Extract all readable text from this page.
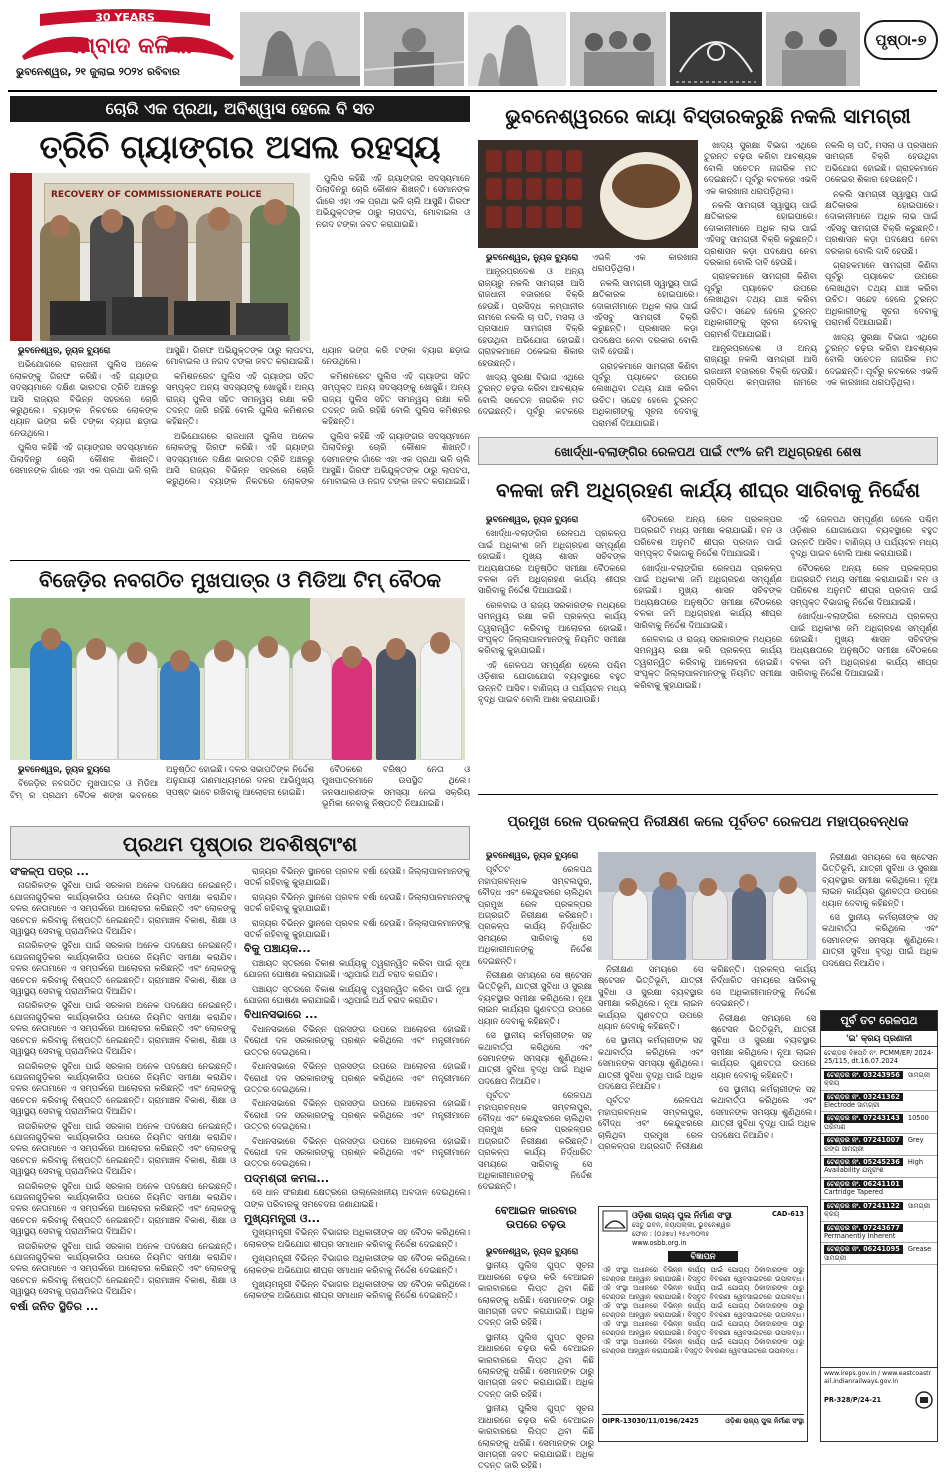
30 YEARS
ସମ୍ବାଦ କଳିକା
ଭୁବନେଶ୍ୱର, ୨୧ ଜୁଲାଇ ୨୦୨୪ ରବିବାର
ପୃଷ୍ଠା-୭
ଚୋରି ଏକ ପ୍ରଥା, ଅବିଶ୍ୱାସ ହେଲେ ବି ସତ
ତ୍ରିଚି ଗ୍ୟାଙ୍ଗର ଅସଲ ରହସ୍ୟ
RECOVERY OF COMMISSIONERATE POLICE

ପୁଲିସ କହିଛି ଏହି ଗ୍ୟାଙ୍ଗର ସଦସ୍ୟମାନେ ପିଲାଦିନରୁ ଚୋରି କୌଶଳ ଶିଖନ୍ତି। ସେମାନଙ୍କ ଗାଁରେ ଏହା ଏକ ପ୍ରଥା ଭଳି ଚାଲି ଆସୁଛି। ଗିରଫ ଅଭିଯୁକ୍ତଙ୍କ ଠାରୁ ଲାପଟପ, ମୋବାଇଲ ଓ ନଗଦ ଟଙ୍କା ଜବତ କରାଯାଇଛି।

ଭୁବନେଶ୍ୱର, ନ୍ୟୁଜ ବ୍ୟୁରୋ

ଅଭିଯୋଗରେ ରାଜଧାନୀ ପୁଲିସ ଅନେକ ଲୋକଙ୍କୁ ଗିରଫ କରିଛି। ଏହି ଗ୍ୟାଙ୍ଗ ସଦସ୍ୟମାନେ ଦକ୍ଷିଣ ଭାରତର ତ୍ରିଚି ଅଞ୍ଚଳରୁ ଆସି ରାଜ୍ୟର ବିଭିନ୍ନ ସହରରେ ଚୋରି କରୁଥିଲେ। ବ୍ୟାଙ୍କ ନିକଟରେ ଲୋକଙ୍କ ଧ୍ୟାନ ଭଙ୍ଗ କରି ଟଙ୍କା ବ୍ୟାଗ ଛଡ଼ାଇ ନେଉଥିଲେ।

ପୁଲିସ କହିଛି ଏହି ଗ୍ୟାଙ୍ଗର ସଦସ୍ୟମାନେ ପିଲାଦିନରୁ ଚୋରି କୌଶଳ ଶିଖନ୍ତି। ସେମାନଙ୍କ ଗାଁରେ ଏହା ଏକ ପ୍ରଥା ଭଳି ଚାଲି ଆସୁଛି। ଗିରଫ ଅଭିଯୁକ୍ତଙ୍କ ଠାରୁ ଲାପଟପ, ମୋବାଇଲ ଓ ନଗଦ ଟଙ୍କା ଜବତ କରାଯାଇଛି।

କମିଶନରେଟ ପୁଲିସ ଏହି ଗ୍ୟାଙ୍ଗ ସହିତ ସମ୍ପୃକ୍ତ ଅନ୍ୟ ସଦସ୍ୟଙ୍କୁ ଖୋଜୁଛି। ଅନ୍ୟ ରାଜ୍ୟ ପୁଲିସ ସହିତ ସମନ୍ୱୟ ରକ୍ଷା କରି ତଦନ୍ତ ଜାରି ରହିଛି ବୋଲି ପୁଲିସ କମିଶନର କହିଛନ୍ତି।

ଅଭିଯୋଗରେ ରାଜଧାନୀ ପୁଲିସ ଅନେକ ଲୋକଙ୍କୁ ଗିରଫ କରିଛି। ଏହି ଗ୍ୟାଙ୍ଗ ସଦସ୍ୟମାନେ ଦକ୍ଷିଣ ଭାରତର ତ୍ରିଚି ଅଞ୍ଚଳରୁ ଆସି ରାଜ୍ୟର ବିଭିନ୍ନ ସହରରେ ଚୋରି କରୁଥିଲେ। ବ୍ୟାଙ୍କ ନିକଟରେ ଲୋକଙ୍କ ଧ୍ୟାନ ଭଙ୍ଗ କରି ଟଙ୍କା ବ୍ୟାଗ ଛଡ଼ାଇ ନେଉଥିଲେ।

କମିଶନରେଟ ପୁଲିସ ଏହି ଗ୍ୟାଙ୍ଗ ସହିତ ସମ୍ପୃକ୍ତ ଅନ୍ୟ ସଦସ୍ୟଙ୍କୁ ଖୋଜୁଛି। ଅନ୍ୟ ରାଜ୍ୟ ପୁଲିସ ସହିତ ସମନ୍ୱୟ ରକ୍ଷା କରି ତଦନ୍ତ ଜାରି ରହିଛି ବୋଲି ପୁଲିସ କମିଶନର କହିଛନ୍ତି।

ପୁଲିସ କହିଛି ଏହି ଗ୍ୟାଙ୍ଗର ସଦସ୍ୟମାନେ ପିଲାଦିନରୁ ଚୋରି କୌଶଳ ଶିଖନ୍ତି। ସେମାନଙ୍କ ଗାଁରେ ଏହା ଏକ ପ୍ରଥା ଭଳି ଚାଲି ଆସୁଛି। ଗିରଫ ଅଭିଯୁକ୍ତଙ୍କ ଠାରୁ ଲାପଟପ, ମୋବାଇଲ ଓ ନଗଦ ଟଙ୍କା ଜବତ କରାଯାଇଛି।

ବିଜେଡ଼ିର ନବଗଠିତ ମୁଖପାତ୍ର ଓ ମିଡିଆ ଟିମ୍ ବୈଠକ

ଭୁବନେଶ୍ୱର, ନ୍ୟୁଜ ବ୍ୟୁରୋ

ବିଜେଡ଼ିର ନବଗଠିତ ମୁଖପାତ୍ର ଓ ମିଡିଆ ଟିମ୍ ର ପ୍ରଥମ ବୈଠକ ଶଙ୍ଖ ଭବନରେ ଅନୁଷ୍ଠିତ ହୋଇଛି। ଦଳର ସଭାପତିଙ୍କ ନିର୍ଦ୍ଦେଶ ଅନୁଯାୟୀ ଗଣମାଧ୍ୟମରେ ଦଳର ଆଭିମୁଖ୍ୟ ସ୍ପଷ୍ଟ ଭାବେ ରଖିବାକୁ ଆଲୋଚନା ହୋଇଛି।

ବୈଠକରେ ବରିଷ୍ଠ ନେତା ଓ ମୁଖପାତ୍ରମାନେ ଉପସ୍ଥିତ ଥିଲେ। ଜନସାଧାରଣଙ୍କ ସମସ୍ୟା ନେଇ ସକ୍ରିୟ ଭୂମିକା ନେବାକୁ ନିଷ୍ପତ୍ତି ନିଆଯାଇଛି।

ପ୍ରଥମ ପୃଷ୍ଠାର ଅବଶିଷ୍ଟାଂଶ

ସଂକଳ୍ପ ପତ୍ର ...

ନାଗରିକଙ୍କ ସୁବିଧା ପାଇଁ ସରକାର ଅନେକ ପଦକ୍ଷେପ ନେଇଛନ୍ତି। ଯୋଜନାଗୁଡ଼ିକର କାର୍ଯ୍ୟକାରିତା ଉପରେ ନିୟମିତ ସମୀକ୍ଷା କରାଯିବ। ଦଳର ନେତାମାନେ ଏ ସମ୍ପର୍କରେ ଆଲୋଚନା କରିଛନ୍ତି ଏବଂ ଲୋକଙ୍କୁ ସଚେତନ କରିବାକୁ ନିଷ୍ପତ୍ତି ନେଇଛନ୍ତି। ଗ୍ରାମାଞ୍ଚଳ ବିକାଶ, ଶିକ୍ଷା ଓ ସ୍ୱାସ୍ଥ୍ୟ ସେବାକୁ ପ୍ରାଥମିକତା ଦିଆଯିବ।

ନାଗରିକଙ୍କ ସୁବିଧା ପାଇଁ ସରକାର ଅନେକ ପଦକ୍ଷେପ ନେଇଛନ୍ତି। ଯୋଜନାଗୁଡ଼ିକର କାର୍ଯ୍ୟକାରିତା ଉପରେ ନିୟମିତ ସମୀକ୍ଷା କରାଯିବ। ଦଳର ନେତାମାନେ ଏ ସମ୍ପର୍କରେ ଆଲୋଚନା କରିଛନ୍ତି ଏବଂ ଲୋକଙ୍କୁ ସଚେତନ କରିବାକୁ ନିଷ୍ପତ୍ତି ନେଇଛନ୍ତି। ଗ୍ରାମାଞ୍ଚଳ ବିକାଶ, ଶିକ୍ଷା ଓ ସ୍ୱାସ୍ଥ୍ୟ ସେବାକୁ ପ୍ରାଥମିକତା ଦିଆଯିବ।

ନାଗରିକଙ୍କ ସୁବିଧା ପାଇଁ ସରକାର ଅନେକ ପଦକ୍ଷେପ ନେଇଛନ୍ତି। ଯୋଜନାଗୁଡ଼ିକର କାର୍ଯ୍ୟକାରିତା ଉପରେ ନିୟମିତ ସମୀକ୍ଷା କରାଯିବ। ଦଳର ନେତାମାନେ ଏ ସମ୍ପର୍କରେ ଆଲୋଚନା କରିଛନ୍ତି ଏବଂ ଲୋକଙ୍କୁ ସଚେତନ କରିବାକୁ ନିଷ୍ପତ୍ତି ନେଇଛନ୍ତି। ଗ୍ରାମାଞ୍ଚଳ ବିକାଶ, ଶିକ୍ଷା ଓ ସ୍ୱାସ୍ଥ୍ୟ ସେବାକୁ ପ୍ରାଥମିକତା ଦିଆଯିବ।

ନାଗରିକଙ୍କ ସୁବିଧା ପାଇଁ ସରକାର ଅନେକ ପଦକ୍ଷେପ ନେଇଛନ୍ତି। ଯୋଜନାଗୁଡ଼ିକର କାର୍ଯ୍ୟକାରିତା ଉପରେ ନିୟମିତ ସମୀକ୍ଷା କରାଯିବ। ଦଳର ନେତାମାନେ ଏ ସମ୍ପର୍କରେ ଆଲୋଚନା କରିଛନ୍ତି ଏବଂ ଲୋକଙ୍କୁ ସଚେତନ କରିବାକୁ ନିଷ୍ପତ୍ତି ନେଇଛନ୍ତି। ଗ୍ରାମାଞ୍ଚଳ ବିକାଶ, ଶିକ୍ଷା ଓ ସ୍ୱାସ୍ଥ୍ୟ ସେବାକୁ ପ୍ରାଥମିକତା ଦିଆଯିବ।

ନାଗରିକଙ୍କ ସୁବିଧା ପାଇଁ ସରକାର ଅନେକ ପଦକ୍ଷେପ ନେଇଛନ୍ତି। ଯୋଜନାଗୁଡ଼ିକର କାର୍ଯ୍ୟକାରିତା ଉପରେ ନିୟମିତ ସମୀକ୍ଷା କରାଯିବ। ଦଳର ନେତାମାନେ ଏ ସମ୍ପର୍କରେ ଆଲୋଚନା କରିଛନ୍ତି ଏବଂ ଲୋକଙ୍କୁ ସଚେତନ କରିବାକୁ ନିଷ୍ପତ୍ତି ନେଇଛନ୍ତି। ଗ୍ରାମାଞ୍ଚଳ ବିକାଶ, ଶିକ୍ଷା ଓ ସ୍ୱାସ୍ଥ୍ୟ ସେବାକୁ ପ୍ରାଥମିକତା ଦିଆଯିବ।

ନାଗରିକଙ୍କ ସୁବିଧା ପାଇଁ ସରକାର ଅନେକ ପଦକ୍ଷେପ ନେଇଛନ୍ତି। ଯୋଜନାଗୁଡ଼ିକର କାର୍ଯ୍ୟକାରିତା ଉପରେ ନିୟମିତ ସମୀକ୍ଷା କରାଯିବ। ଦଳର ନେତାମାନେ ଏ ସମ୍ପର୍କରେ ଆଲୋଚନା କରିଛନ୍ତି ଏବଂ ଲୋକଙ୍କୁ ସଚେତନ କରିବାକୁ ନିଷ୍ପତ୍ତି ନେଇଛନ୍ତି। ଗ୍ରାମାଞ୍ଚଳ ବିକାଶ, ଶିକ୍ଷା ଓ ସ୍ୱାସ୍ଥ୍ୟ ସେବାକୁ ପ୍ରାଥମିକତା ଦିଆଯିବ।

ନାଗରିକଙ୍କ ସୁବିଧା ପାଇଁ ସରକାର ଅନେକ ପଦକ୍ଷେପ ନେଇଛନ୍ତି। ଯୋଜନାଗୁଡ଼ିକର କାର୍ଯ୍ୟକାରିତା ଉପରେ ନିୟମିତ ସମୀକ୍ଷା କରାଯିବ। ଦଳର ନେତାମାନେ ଏ ସମ୍ପର୍କରେ ଆଲୋଚନା କରିଛନ୍ତି ଏବଂ ଲୋକଙ୍କୁ ସଚେତନ କରିବାକୁ ନିଷ୍ପତ୍ତି ନେଇଛନ୍ତି। ଗ୍ରାମାଞ୍ଚଳ ବିକାଶ, ଶିକ୍ଷା ଓ ସ୍ୱାସ୍ଥ୍ୟ ସେବାକୁ ପ୍ରାଥମିକତା ଦିଆଯିବ।

ବର୍ଷା ଜନିତ ସ୍ଥିତିର ...

ରାଜ୍ୟର ବିଭିନ୍ନ ସ୍ଥାନରେ ପ୍ରବଳ ବର୍ଷା ହେଉଛି। ଜିଲ୍ଲାପାଳମାନଙ୍କୁ ସତର୍କ ରହିବାକୁ କୁହାଯାଇଛି।

ରାଜ୍ୟର ବିଭିନ୍ନ ସ୍ଥାନରେ ପ୍ରବଳ ବର୍ଷା ହେଉଛି। ଜିଲ୍ଲାପାଳମାନଙ୍କୁ ସତର୍କ ରହିବାକୁ କୁହାଯାଇଛି।

ରାଜ୍ୟର ବିଭିନ୍ନ ସ୍ଥାନରେ ପ୍ରବଳ ବର୍ଷା ହେଉଛି। ଜିଲ୍ଲାପାଳମାନଙ୍କୁ ସତର୍କ ରହିବାକୁ କୁହାଯାଇଛି।

ବିକୁ ପଞ୍ଚାୟକ...

ପଞ୍ଚାୟତ ସ୍ତରରେ ବିକାଶ କାର୍ଯ୍ୟକୁ ତ୍ୱରାନ୍ୱିତ କରିବା ପାଇଁ ନୂଆ ଯୋଜନା ଘୋଷଣା କରାଯାଇଛି। ଏଥିପାଇଁ ଅର୍ଥ ବରାଦ କରାଯିବ।

ପଞ୍ଚାୟତ ସ୍ତରରେ ବିକାଶ କାର୍ଯ୍ୟକୁ ତ୍ୱରାନ୍ୱିତ କରିବା ପାଇଁ ନୂଆ ଯୋଜନା ଘୋଷଣା କରାଯାଇଛି। ଏଥିପାଇଁ ଅର୍ଥ ବରାଦ କରାଯିବ।

ବିଧାନସଭାରେ ...

ବିଧାନସଭାରେ ବିଭିନ୍ନ ପ୍ରସଙ୍ଗ ଉପରେ ଆଲୋଚନା ହୋଇଛି। ବିରୋଧୀ ଦଳ ସରକାରଙ୍କୁ ପ୍ରଶ୍ନ କରିଥିଲେ ଏବଂ ମନ୍ତ୍ରୀମାନେ ଉତ୍ତର ଦେଇଥିଲେ।

ବିଧାନସଭାରେ ବିଭିନ୍ନ ପ୍ରସଙ୍ଗ ଉପରେ ଆଲୋଚନା ହୋଇଛି। ବିରୋଧୀ ଦଳ ସରକାରଙ୍କୁ ପ୍ରଶ୍ନ କରିଥିଲେ ଏବଂ ମନ୍ତ୍ରୀମାନେ ଉତ୍ତର ଦେଇଥିଲେ।

ବିଧାନସଭାରେ ବିଭିନ୍ନ ପ୍ରସଙ୍ଗ ଉପରେ ଆଲୋଚନା ହୋଇଛି। ବିରୋଧୀ ଦଳ ସରକାରଙ୍କୁ ପ୍ରଶ୍ନ କରିଥିଲେ ଏବଂ ମନ୍ତ୍ରୀମାନେ ଉତ୍ତର ଦେଇଥିଲେ।

ବିଧାନସଭାରେ ବିଭିନ୍ନ ପ୍ରସଙ୍ଗ ଉପରେ ଆଲୋଚନା ହୋଇଛି। ବିରୋଧୀ ଦଳ ସରକାରଙ୍କୁ ପ୍ରଶ୍ନ କରିଥିଲେ ଏବଂ ମନ୍ତ୍ରୀମାନେ ଉତ୍ତର ଦେଇଥିଲେ।

ପଦ୍ମଶ୍ରୀ କମଳା...

ସେ ଧାନ ସଂରକ୍ଷଣ କ୍ଷେତ୍ରରେ ଉଲ୍ଲେଖନୀୟ ଅବଦାନ ଦେଇଥିଲେ। ତାଙ୍କ ପରିବାରକୁ ସମବେଦନା ଜଣାଯାଇଛି।

ମୁଖ୍ୟମନ୍ତ୍ରୀ ଓ...

ମୁଖ୍ୟମନ୍ତ୍ରୀ ବିଭିନ୍ନ ବିଭାଗର ଅଧିକାରୀଙ୍କ ସହ ବୈଠକ କରିଥିଲେ। ଲୋକଙ୍କ ଅଭିଯୋଗ ଶୀଘ୍ର ସମାଧାନ କରିବାକୁ ନିର୍ଦ୍ଦେଶ ଦେଇଛନ୍ତି।

ମୁଖ୍ୟମନ୍ତ୍ରୀ ବିଭିନ୍ନ ବିଭାଗର ଅଧିକାରୀଙ୍କ ସହ ବୈଠକ କରିଥିଲେ। ଲୋକଙ୍କ ଅଭିଯୋଗ ଶୀଘ୍ର ସମାଧାନ କରିବାକୁ ନିର୍ଦ୍ଦେଶ ଦେଇଛନ୍ତି।

ମୁଖ୍ୟମନ୍ତ୍ରୀ ବିଭିନ୍ନ ବିଭାଗର ଅଧିକାରୀଙ୍କ ସହ ବୈଠକ କରିଥିଲେ। ଲୋକଙ୍କ ଅଭିଯୋଗ ଶୀଘ୍ର ସମାଧାନ କରିବାକୁ ନିର୍ଦ୍ଦେଶ ଦେଇଛନ୍ତି।

ଭୁବନେଶ୍ୱରରେ କାୟା ବିସ୍ତାରକରୁଛି ନକଲି ସାମଗ୍ରୀ

ଭୁବନେଶ୍ୱର, ନ୍ୟୁଜ ବ୍ୟୁରୋ

ଆନ୍ଧ୍ରପ୍ରଦେଶ ଓ ଅନ୍ୟ ରାଜ୍ୟରୁ ନକଲି ସାମଗ୍ରୀ ଆସି ରାଜଧାନୀ ବଜାରରେ ବିକ୍ରି ହେଉଛି। ପ୍ରସିଦ୍ଧ କମ୍ପାନୀର ନାମରେ ନକଲି ଚା ପତି, ମସଲା ଓ ପ୍ରସାଧନ ସାମଗ୍ରୀ ବିକ୍ରି ହେଉଥିବା ଅଭିଯୋଗ ହୋଇଛି। ଗ୍ରାହକମାନେ ଠକେଇର ଶିକାର ହେଉଛନ୍ତି।

ଖାଦ୍ୟ ସୁରକ୍ଷା ବିଭାଗ ଏଥିରେ ତୁରନ୍ତ ଚଢ଼ଉ କରିବା ଆବଶ୍ୟକ ବୋଲି ସଚେତନ ନାଗରିକ ମତ ଦେଇଛନ୍ତି। ପୂର୍ବରୁ କଟକରେ ଏଭଳି ଏକ କାରଖାନା ଧରାପଡ଼ିଥିଲା।

ନକଲି ସାମଗ୍ରୀ ସ୍ୱାସ୍ଥ୍ୟ ପାଇଁ କ୍ଷତିକାରକ ହୋଇପାରେ। ଦୋକାନୀମାନେ ଅଧିକ ଲାଭ ପାଇଁ ଏହିସବୁ ସାମଗ୍ରୀ ବିକ୍ରି କରୁଛନ୍ତି। ପ୍ରଶାସନ କଡ଼ା ପଦକ୍ଷେପ ନେବା ଦରକାର ବୋଲି ଦାବି ହେଉଛି।

ଗ୍ରାହକମାନେ ସାମଗ୍ରୀ କିଣିବା ପୂର୍ବରୁ ପ୍ୟାକେଟ ଉପରେ ଲେଖାଥିବା ତଥ୍ୟ ଯାଞ୍ଚ କରିବା ଉଚିତ। ସନ୍ଦେହ ହେଲେ ତୁରନ୍ତ ଅଧିକାରୀଙ୍କୁ ସୂଚନା ଦେବାକୁ ପରାମର୍ଶ ଦିଆଯାଇଛି।

ଖାଦ୍ୟ ସୁରକ୍ଷା ବିଭାଗ ଏଥିରେ ତୁରନ୍ତ ଚଢ଼ଉ କରିବା ଆବଶ୍ୟକ ବୋଲି ସଚେତନ ନାଗରିକ ମତ ଦେଇଛନ୍ତି। ପୂର୍ବରୁ କଟକରେ ଏଭଳି ଏକ କାରଖାନା ଧରାପଡ଼ିଥିଲା।

ନକଲି ସାମଗ୍ରୀ ସ୍ୱାସ୍ଥ୍ୟ ପାଇଁ କ୍ଷତିକାରକ ହୋଇପାରେ। ଦୋକାନୀମାନେ ଅଧିକ ଲାଭ ପାଇଁ ଏହିସବୁ ସାମଗ୍ରୀ ବିକ୍ରି କରୁଛନ୍ତି। ପ୍ରଶାସନ କଡ଼ା ପଦକ୍ଷେପ ନେବା ଦରକାର ବୋଲି ଦାବି ହେଉଛି।

ଗ୍ରାହକମାନେ ସାମଗ୍ରୀ କିଣିବା ପୂର୍ବରୁ ପ୍ୟାକେଟ ଉପରେ ଲେଖାଥିବା ତଥ୍ୟ ଯାଞ୍ଚ କରିବା ଉଚିତ। ସନ୍ଦେହ ହେଲେ ତୁରନ୍ତ ଅଧିକାରୀଙ୍କୁ ସୂଚନା ଦେବାକୁ ପରାମର୍ଶ ଦିଆଯାଇଛି।

ଆନ୍ଧ୍ରପ୍ରଦେଶ ଓ ଅନ୍ୟ ରାଜ୍ୟରୁ ନକଲି ସାମଗ୍ରୀ ଆସି ରାଜଧାନୀ ବଜାରରେ ବିକ୍ରି ହେଉଛି। ପ୍ରସିଦ୍ଧ କମ୍ପାନୀର ନାମରେ ନକଲି ଚା ପତି, ମସଲା ଓ ପ୍ରସାଧନ ସାମଗ୍ରୀ ବିକ୍ରି ହେଉଥିବା ଅଭିଯୋଗ ହୋଇଛି। ଗ୍ରାହକମାନେ ଠକେଇର ଶିକାର ହେଉଛନ୍ତି।

ନକଲି ସାମଗ୍ରୀ ସ୍ୱାସ୍ଥ୍ୟ ପାଇଁ କ୍ଷତିକାରକ ହୋଇପାରେ। ଦୋକାନୀମାନେ ଅଧିକ ଲାଭ ପାଇଁ ଏହିସବୁ ସାମଗ୍ରୀ ବିକ୍ରି କରୁଛନ୍ତି। ପ୍ରଶାସନ କଡ଼ା ପଦକ୍ଷେପ ନେବା ଦରକାର ବୋଲି ଦାବି ହେଉଛି।

ଗ୍ରାହକମାନେ ସାମଗ୍ରୀ କିଣିବା ପୂର୍ବରୁ ପ୍ୟାକେଟ ଉପରେ ଲେଖାଥିବା ତଥ୍ୟ ଯାଞ୍ଚ କରିବା ଉଚିତ। ସନ୍ଦେହ ହେଲେ ତୁରନ୍ତ ଅଧିକାରୀଙ୍କୁ ସୂଚନା ଦେବାକୁ ପରାମର୍ଶ ଦିଆଯାଇଛି।

ଖାଦ୍ୟ ସୁରକ୍ଷା ବିଭାଗ ଏଥିରେ ତୁରନ୍ତ ଚଢ଼ଉ କରିବା ଆବଶ୍ୟକ ବୋଲି ସଚେତନ ନାଗରିକ ମତ ଦେଇଛନ୍ତି। ପୂର୍ବରୁ କଟକରେ ଏଭଳି ଏକ କାରଖାନା ଧରାପଡ଼ିଥିଲା।

ଖୋର୍ଦ୍ଧା-ବଲାଙ୍ଗିର ରେଳପଥ ପାଇଁ ୯୯% ଜମି ଅଧିଗ୍ରହଣ ଶେଷ
ବଳକା ଜମି ଅଧିଗ୍ରହଣ କାର୍ଯ୍ୟ ଶୀଘ୍ର ସାରିବାକୁ ନିର୍ଦ୍ଦେଶ

ଭୁବନେଶ୍ୱର, ନ୍ୟୁଜ ବ୍ୟୁରୋ

ଖୋର୍ଦ୍ଧା-ବଲାଙ୍ଗିର ରେଳପଥ ପ୍ରକଳ୍ପ ପାଇଁ ଅଧିକାଂଶ ଜମି ଅଧିଗ୍ରହଣ ସମ୍ପୂର୍ଣ୍ଣ ହୋଇଛି। ମୁଖ୍ୟ ଶାସନ ସଚିବଙ୍କ ଅଧ୍ୟକ୍ଷତାରେ ଅନୁଷ୍ଠିତ ସମୀକ୍ଷା ବୈଠକରେ ବଳକା ଜମି ଅଧିଗ୍ରହଣ କାର୍ଯ୍ୟ ଶୀଘ୍ର ସାରିବାକୁ ନିର୍ଦ୍ଦେଶ ଦିଆଯାଇଛି।

ରେଳବାଇ ଓ ରାଜ୍ୟ ସରକାରଙ୍କ ମଧ୍ୟରେ ସମନ୍ୱୟ ରକ୍ଷା କରି ପ୍ରକଳ୍ପ କାର୍ଯ୍ୟ ତ୍ୱରାନ୍ୱିତ କରିବାକୁ ଆଲୋଚନା ହୋଇଛି। ସଂପୃକ୍ତ ଜିଲ୍ଲାପାଳମାନଙ୍କୁ ନିୟମିତ ସମୀକ୍ଷା କରିବାକୁ କୁହାଯାଇଛି।

ଏହି ରେଳପଥ ସମ୍ପୂର୍ଣ୍ଣ ହେଲେ ପଶ୍ଚିମ ଓଡ଼ିଶାର ଯୋଗାଯୋଗ ବ୍ୟବସ୍ଥାରେ ବହୁତ ଉନ୍ନତି ଆସିବ। ବାଣିଜ୍ୟ ଓ ପର୍ଯ୍ୟଟନ ମଧ୍ୟ ବୃଦ୍ଧି ପାଇବ ବୋଲି ଆଶା କରାଯାଉଛି।

ବୈଠକରେ ଅନ୍ୟ ରେଳ ପ୍ରକଳ୍ପର ଅଗ୍ରଗତି ମଧ୍ୟ ସମୀକ୍ଷା କରାଯାଇଛି। ବନ ଓ ପରିବେଶ ଅନୁମତି ଶୀଘ୍ର ପ୍ରଦାନ ପାଇଁ ସମ୍ପୃକ୍ତ ବିଭାଗକୁ ନିର୍ଦ୍ଦେଶ ଦିଆଯାଇଛି।

ଖୋର୍ଦ୍ଧା-ବଲାଙ୍ଗିର ରେଳପଥ ପ୍ରକଳ୍ପ ପାଇଁ ଅଧିକାଂଶ ଜମି ଅଧିଗ୍ରହଣ ସମ୍ପୂର୍ଣ୍ଣ ହୋଇଛି। ମୁଖ୍ୟ ଶାସନ ସଚିବଙ୍କ ଅଧ୍ୟକ୍ଷତାରେ ଅନୁଷ୍ଠିତ ସମୀକ୍ଷା ବୈଠକରେ ବଳକା ଜମି ଅଧିଗ୍ରହଣ କାର୍ଯ୍ୟ ଶୀଘ୍ର ସାରିବାକୁ ନିର୍ଦ୍ଦେଶ ଦିଆଯାଇଛି।

ରେଳବାଇ ଓ ରାଜ୍ୟ ସରକାରଙ୍କ ମଧ୍ୟରେ ସମନ୍ୱୟ ରକ୍ଷା କରି ପ୍ରକଳ୍ପ କାର୍ଯ୍ୟ ତ୍ୱରାନ୍ୱିତ କରିବାକୁ ଆଲୋଚନା ହୋଇଛି। ସଂପୃକ୍ତ ଜିଲ୍ଲାପାଳମାନଙ୍କୁ ନିୟମିତ ସମୀକ୍ଷା କରିବାକୁ କୁହାଯାଇଛି।

ଏହି ରେଳପଥ ସମ୍ପୂର୍ଣ୍ଣ ହେଲେ ପଶ୍ଚିମ ଓଡ଼ିଶାର ଯୋଗାଯୋଗ ବ୍ୟବସ୍ଥାରେ ବହୁତ ଉନ୍ନତି ଆସିବ। ବାଣିଜ୍ୟ ଓ ପର୍ଯ୍ୟଟନ ମଧ୍ୟ ବୃଦ୍ଧି ପାଇବ ବୋଲି ଆଶା କରାଯାଉଛି।

ବୈଠକରେ ଅନ୍ୟ ରେଳ ପ୍ରକଳ୍ପର ଅଗ୍ରଗତି ମଧ୍ୟ ସମୀକ୍ଷା କରାଯାଇଛି। ବନ ଓ ପରିବେଶ ଅନୁମତି ଶୀଘ୍ର ପ୍ରଦାନ ପାଇଁ ସମ୍ପୃକ୍ତ ବିଭାଗକୁ ନିର୍ଦ୍ଦେଶ ଦିଆଯାଇଛି।

ଖୋର୍ଦ୍ଧା-ବଲାଙ୍ଗିର ରେଳପଥ ପ୍ରକଳ୍ପ ପାଇଁ ଅଧିକାଂଶ ଜମି ଅଧିଗ୍ରହଣ ସମ୍ପୂର୍ଣ୍ଣ ହୋଇଛି। ମୁଖ୍ୟ ଶାସନ ସଚିବଙ୍କ ଅଧ୍ୟକ୍ଷତାରେ ଅନୁଷ୍ଠିତ ସମୀକ୍ଷା ବୈଠକରେ ବଳକା ଜମି ଅଧିଗ୍ରହଣ କାର୍ଯ୍ୟ ଶୀଘ୍ର ସାରିବାକୁ ନିର୍ଦ୍ଦେଶ ଦିଆଯାଇଛି।

ପ୍ରମୁଖ ରେଳ ପ୍ରକଳ୍ପ ନିରୀକ୍ଷଣ କଲେ ପୂର୍ବତଟ ରେଳପଥ ମହାପ୍ରବନ୍ଧକ

ଭୁବନେଶ୍ୱର, ନ୍ୟୁଜ ବ୍ୟୁରୋ

ପୂର୍ବତଟ ରେଳପଥ ମହାପ୍ରବନ୍ଧକ ସମ୍ବଲପୁର, ବୌଦ୍ଧ ଏବଂ କେନ୍ଦୁଝରରେ ଚାଲିଥିବା ପ୍ରମୁଖ ରେଳ ପ୍ରକଳ୍ପର ଅଗ୍ରଗତି ନିରୀକ୍ଷଣ କରିଛନ୍ତି। ପ୍ରକଳ୍ପ କାର୍ଯ୍ୟ ନିର୍ଦ୍ଧାରିତ ସମୟରେ ସାରିବାକୁ ସେ ଅଧିକାରୀମାନଙ୍କୁ ନିର୍ଦ୍ଦେଶ ଦେଇଛନ୍ତି।

ନିରୀକ୍ଷଣ ସମୟରେ ସେ ଷ୍ଟେସନ ଭିତ୍ତିଭୂମି, ଯାତ୍ରୀ ସୁବିଧା ଓ ସୁରକ୍ଷା ବ୍ୟବସ୍ଥାର ସମୀକ୍ଷା କରିଥିଲେ। ନୂଆ ଲାଇନ କାର୍ଯ୍ୟର ଗୁଣବତ୍ତା ଉପରେ ଧ୍ୟାନ ଦେବାକୁ କହିଛନ୍ତି।

ସେ ସ୍ଥାନୀୟ କର୍ମଚାରୀଙ୍କ ସହ କଥାବାର୍ତ୍ତା କରିଥିଲେ ଏବଂ ସେମାନଙ୍କ ସମସ୍ୟା ଶୁଣିଥିଲେ। ଯାତ୍ରୀ ସୁବିଧା ବୃଦ୍ଧି ପାଇଁ ଅଧିକ ପଦକ୍ଷେପ ନିଆଯିବ।

ପୂର୍ବତଟ ରେଳପଥ ମହାପ୍ରବନ୍ଧକ ସମ୍ବଲପୁର, ବୌଦ୍ଧ ଏବଂ କେନ୍ଦୁଝରରେ ଚାଲିଥିବା ପ୍ରମୁଖ ରେଳ ପ୍ରକଳ୍ପର ଅଗ୍ରଗତି ନିରୀକ୍ଷଣ କରିଛନ୍ତି। ପ୍ରକଳ୍ପ କାର୍ଯ୍ୟ ନିର୍ଦ୍ଧାରିତ ସମୟରେ ସାରିବାକୁ ସେ ଅଧିକାରୀମାନଙ୍କୁ ନିର୍ଦ୍ଦେଶ ଦେଇଛନ୍ତି।

ନିରୀକ୍ଷଣ ସମୟରେ ସେ ଷ୍ଟେସନ ଭିତ୍ତିଭୂମି, ଯାତ୍ରୀ ସୁବିଧା ଓ ସୁରକ୍ଷା ବ୍ୟବସ୍ଥାର ସମୀକ୍ଷା କରିଥିଲେ। ନୂଆ ଲାଇନ କାର୍ଯ୍ୟର ଗୁଣବତ୍ତା ଉପରେ ଧ୍ୟାନ ଦେବାକୁ କହିଛନ୍ତି।

ସେ ସ୍ଥାନୀୟ କର୍ମଚାରୀଙ୍କ ସହ କଥାବାର୍ତ୍ତା କରିଥିଲେ ଏବଂ ସେମାନଙ୍କ ସମସ୍ୟା ଶୁଣିଥିଲେ। ଯାତ୍ରୀ ସୁବିଧା ବୃଦ୍ଧି ପାଇଁ ଅଧିକ ପଦକ୍ଷେପ ନିଆଯିବ।

ନିରୀକ୍ଷଣ ସମୟରେ ସେ ଷ୍ଟେସନ ଭିତ୍ତିଭୂମି, ଯାତ୍ରୀ ସୁବିଧା ଓ ସୁରକ୍ଷା ବ୍ୟବସ୍ଥାର ସମୀକ୍ଷା କରିଥିଲେ। ନୂଆ ଲାଇନ କାର୍ଯ୍ୟର ଗୁଣବତ୍ତା ଉପରେ ଧ୍ୟାନ ଦେବାକୁ କହିଛନ୍ତି।

ସେ ସ୍ଥାନୀୟ କର୍ମଚାରୀଙ୍କ ସହ କଥାବାର୍ତ୍ତା କରିଥିଲେ ଏବଂ ସେମାନଙ୍କ ସମସ୍ୟା ଶୁଣିଥିଲେ। ଯାତ୍ରୀ ସୁବିଧା ବୃଦ୍ଧି ପାଇଁ ଅଧିକ ପଦକ୍ଷେପ ନିଆଯିବ।

ପୂର୍ବତଟ ରେଳପଥ ମହାପ୍ରବନ୍ଧକ ସମ୍ବଲପୁର, ବୌଦ୍ଧ ଏବଂ କେନ୍ଦୁଝରରେ ଚାଲିଥିବା ପ୍ରମୁଖ ରେଳ ପ୍ରକଳ୍ପର ଅଗ୍ରଗତି ନିରୀକ୍ଷଣ କରିଛନ୍ତି। ପ୍ରକଳ୍ପ କାର୍ଯ୍ୟ ନିର୍ଦ୍ଧାରିତ ସମୟରେ ସାରିବାକୁ ସେ ଅଧିକାରୀମାନଙ୍କୁ ନିର୍ଦ୍ଦେଶ ଦେଇଛନ୍ତି।

ନିରୀକ୍ଷଣ ସମୟରେ ସେ ଷ୍ଟେସନ ଭିତ୍ତିଭୂମି, ଯାତ୍ରୀ ସୁବିଧା ଓ ସୁରକ୍ଷା ବ୍ୟବସ୍ଥାର ସମୀକ୍ଷା କରିଥିଲେ। ନୂଆ ଲାଇନ କାର୍ଯ୍ୟର ଗୁଣବତ୍ତା ଉପରେ ଧ୍ୟାନ ଦେବାକୁ କହିଛନ୍ତି।

ସେ ସ୍ଥାନୀୟ କର୍ମଚାରୀଙ୍କ ସହ କଥାବାର୍ତ୍ତା କରିଥିଲେ ଏବଂ ସେମାନଙ୍କ ସମସ୍ୟା ଶୁଣିଥିଲେ। ଯାତ୍ରୀ ସୁବିଧା ବୃଦ୍ଧି ପାଇଁ ଅଧିକ ପଦକ୍ଷେପ ନିଆଯିବ।

ବେଆଇନ କାରବାର ଉପରେ ଚଢ଼ଉ

ଭୁବନେଶ୍ୱର, ନ୍ୟୁଜ ବ୍ୟୁରୋ

ସ୍ଥାନୀୟ ପୁଲିସ ଗୁପ୍ତ ସୂଚନା ଆଧାରରେ ଚଢ଼ଉ କରି ବେଆଇନ କାରବାରରେ ଲିପ୍ତ ଥିବା କିଛି ଲୋକଙ୍କୁ ଧରିଛି। ସେମାନଙ୍କ ଠାରୁ ସାମଗ୍ରୀ ଜବତ କରାଯାଇଛି। ଅଧିକ ତଦନ୍ତ ଜାରି ରହିଛି।

ସ୍ଥାନୀୟ ପୁଲିସ ଗୁପ୍ତ ସୂଚନା ଆଧାରରେ ଚଢ଼ଉ କରି ବେଆଇନ କାରବାରରେ ଲିପ୍ତ ଥିବା କିଛି ଲୋକଙ୍କୁ ଧରିଛି। ସେମାନଙ୍କ ଠାରୁ ସାମଗ୍ରୀ ଜବତ କରାଯାଇଛି। ଅଧିକ ତଦନ୍ତ ଜାରି ରହିଛି।

ସ୍ଥାନୀୟ ପୁଲିସ ଗୁପ୍ତ ସୂଚନା ଆଧାରରେ ଚଢ଼ଉ କରି ବେଆଇନ କାରବାରରେ ଲିପ୍ତ ଥିବା କିଛି ଲୋକଙ୍କୁ ଧରିଛି। ସେମାନଙ୍କ ଠାରୁ ସାମଗ୍ରୀ ଜବତ କରାଯାଇଛି। ଅଧିକ ତଦନ୍ତ ଜାରି ରହିଛି।

ଓଡ଼ିଶା ରାଜ୍ୟ ପୁଲ ନିର୍ମାଣ ସଂସ୍ଥା
ସେତୁ ଭବନ, ନୟାପଲ୍ଲୀ, ଭୁବନେଶ୍ୱର
ଫୋନ : (୦୬୭୪) ୨୫୪୩୦୩୫
www.osbb.org.in
CAD-613
ବିଜ୍ଞାପନ
ଏହି ସଂସ୍ଥା ଅଧୀନରେ ବିଭିନ୍ନ କାର୍ଯ୍ୟ ପାଇଁ ଯୋଗ୍ୟ ଠିକାଦାରଙ୍କ ଠାରୁ ଟେଣ୍ଡର ଆହ୍ୱାନ କରାଯାଉଛି। ବିସ୍ତୃତ ବିବରଣୀ ୱେବସାଇଟରେ ଉପଲବ୍ଧ। ଏହି ସଂସ୍ଥା ଅଧୀନରେ ବିଭିନ୍ନ କାର୍ଯ୍ୟ ପାଇଁ ଯୋଗ୍ୟ ଠିକାଦାରଙ୍କ ଠାରୁ ଟେଣ୍ଡର ଆହ୍ୱାନ କରାଯାଉଛି। ବିସ୍ତୃତ ବିବରଣୀ ୱେବସାଇଟରେ ଉପଲବ୍ଧ। ଏହି ସଂସ୍ଥା ଅଧୀନରେ ବିଭିନ୍ନ କାର୍ଯ୍ୟ ପାଇଁ ଯୋଗ୍ୟ ଠିକାଦାରଙ୍କ ଠାରୁ ଟେଣ୍ଡର ଆହ୍ୱାନ କରାଯାଉଛି। ବିସ୍ତୃତ ବିବରଣୀ ୱେବସାଇଟରେ ଉପଲବ୍ଧ। ଏହି ସଂସ୍ଥା ଅଧୀନରେ ବିଭିନ୍ନ କାର୍ଯ୍ୟ ପାଇଁ ଯୋଗ୍ୟ ଠିକାଦାରଙ୍କ ଠାରୁ ଟେଣ୍ଡର ଆହ୍ୱାନ କରାଯାଉଛି। ବିସ୍ତୃତ ବିବରଣୀ ୱେବସାଇଟରେ ଉପଲବ୍ଧ। ଏହି ସଂସ୍ଥା ଅଧୀନରେ ବିଭିନ୍ନ କାର୍ଯ୍ୟ ପାଇଁ ଯୋଗ୍ୟ ଠିକାଦାରଙ୍କ ଠାରୁ ଟେଣ୍ଡର ଆହ୍ୱାନ କରାଯାଉଛି। ବିସ୍ତୃତ ବିବରଣୀ ୱେବସାଇଟରେ ଉପଲବ୍ଧ।
OIPR-13030/11/0196/2425	ଓଡ଼ିଶା ରାଜ୍ୟ ପୁଲ ନିର୍ମାଣ ସଂସ୍ଥା
ପୂର୍ବ ତଟ ରେଳପଥ
'ଇ' କ୍ରୟ ପ୍ରଣାଳୀ
ଟେଣ୍ଡର ବିଜ୍ଞପ୍ତି ନଂ. PCMM/EP/ 2024-25/115, dt.16.07.2024
ଟେଣ୍ଡର ନଂ. 03243956 ସାମଗ୍ରୀ କ୍ରୟ
ଟେଣ୍ଡର ନଂ. 03241362 Electrode ସାମଗ୍ରୀ
ଟେଣ୍ଡର ନଂ. 07243143 10500 ପରିମାଣ
ଟେଣ୍ଡର ନଂ. 07241007 Grey ରଙ୍ଗ ସାମଗ୍ରୀ
ଟେଣ୍ଡର ନଂ. 05245236 High Availability ଯନ୍ତ୍ରାଂଶ
ଟେଣ୍ଡର ନଂ. 06241101 Cartridge Tapered
ଟେଣ୍ଡର ନଂ. 07241122 ସାମଗ୍ରୀ କ୍ରୟ
ଟେଣ୍ଡର ନଂ. 07243677 Permanently Inherent
ଟେଣ୍ଡର ନଂ. 06241095 Grease ସାମଗ୍ରୀ
www.ireps.gov.in / www.eastcoastrail.indianrailways.gov.in
PR-328/P/24-21
